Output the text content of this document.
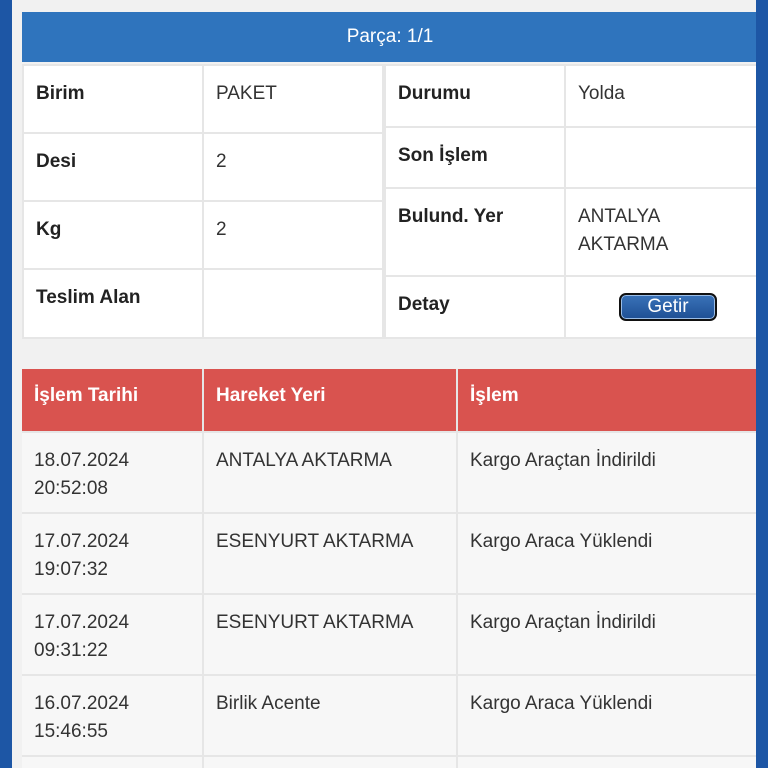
Parça: 1/1
Birim	PAKET
Desi	2
Kg	2
Teslim Alan
Durumu	Yolda
Son İşlem
Bulund. Yer	ANTALYA AKTARMA
Detay	Getir
İşlem Tarihi	Hareket Yeri	İşlem
18.07.2024
20:52:08
ANTALYA AKTARMA	Kargo Araçtan İndirildi
17.07.2024
19:07:32
ESENYURT AKTARMA	Kargo Araca Yüklendi
17.07.2024
09:31:22
ESENYURT AKTARMA	Kargo Araçtan İndirildi
16.07.2024
15:46:55
Birlik Acente	Kargo Araca Yüklendi
